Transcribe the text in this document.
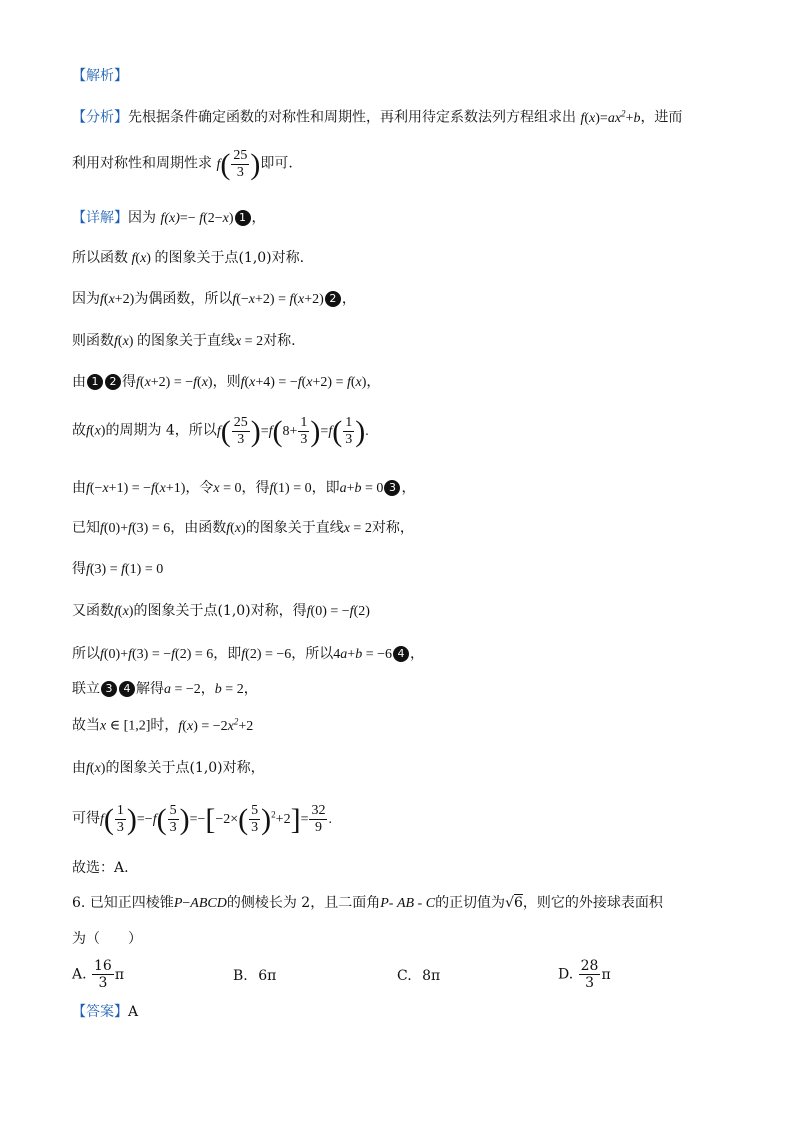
【解析】
【分析】先根据条件确定函数的对称性和周期性，再利用待定系数法列方程组求出 $f(x)=ax^2+b$，进而
利用对称性和周期性求 $f( \frac{25}{3}$ )即可.
【详解】因为 f(x)=− f(2−x) 1 ，
所以函数 f(x) 的图象关于点(1,0)对称.
因为f(x+2)为偶函数，所以f(−x+2) = f(x+2) 2 ，
则函数f(x) 的图象关于直线x = 2对称.
由 1 2 得f(x+2) = −f(x)，则f(x+4) = −f(x+2) = f(x)，
故f(x)的周期为 4，所以$f( \frac{25}{3} )=f(8+ \frac{1}{3} )=f( \frac{1}{3}$ ).
由f(−x+1) = −f(x+1)，令x = 0，得f(1) = 0，即a+b = 0 3 ，
已知f(0)+f(3) = 6，由函数f(x)的图象关于直线x = 2对称，
得f(3) = f(1) = 0
又函数f(x)的图象关于点(1,0)对称，得f(0) = −f(2)
所以f(0)+f(3) = −f(2) = 6，即f(2) = −6，所以4a+b = −6 4 ，
联立 3 4 解得a = −2，b = 2，
故当x ∈ [1,2]时，$f(x) = -2x^2+2$
由f(x)的图象关于点(1,0)对称，
可得$f( \frac{1}{3} )=-f( \frac{5}{3} )=-[-2\times( \frac{5}{3} )^2+2]= \frac{32}{9}$ .
故选：A.
6. 已知正四棱锥P−ABCD的侧棱长为 2，且二面角P- AB - C的正切值为√6，则它的外接球表面积
为（　　）
A. $\frac{16}{3}$ π	B. 6π	C. 8π	D. $\frac{28}{3}$ π
【答案】A
